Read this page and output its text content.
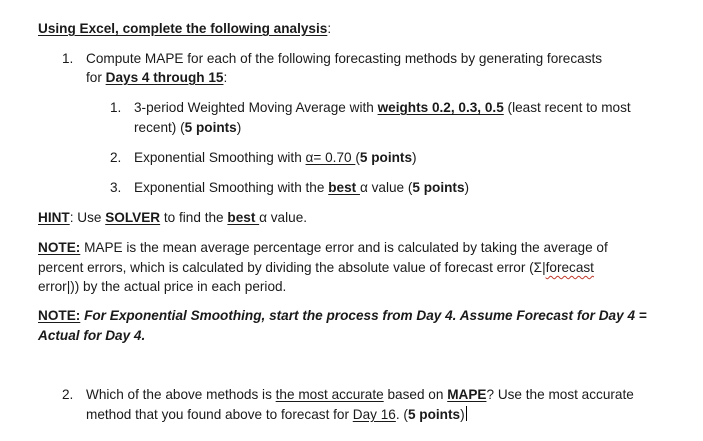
Using Excel, complete the following analysis:
1. Compute MAPE for each of the following forecasting methods by generating forecasts
for Days 4 through 15:
1. 3-period Weighted Moving Average with weights 0.2, 0.3, 0.5 (least recent to most
recent) (5 points)
2. Exponential Smoothing with α= 0.70 (5 points)
3. Exponential Smoothing with the best α value (5 points)
HINT: Use SOLVER to find the best α value.
NOTE: MAPE is the mean average percentage error and is calculated by taking the average of
percent errors, which is calculated by dividing the absolute value of forecast error (Σ|forecast
error|)) by the actual price in each period.
NOTE: For Exponential Smoothing, start the process from Day 4. Assume Forecast for Day 4 =
Actual for Day 4.
2. Which of the above methods is the most accurate based on MAPE? Use the most accurate
method that you found above to forecast for Day 16. (5 points)
